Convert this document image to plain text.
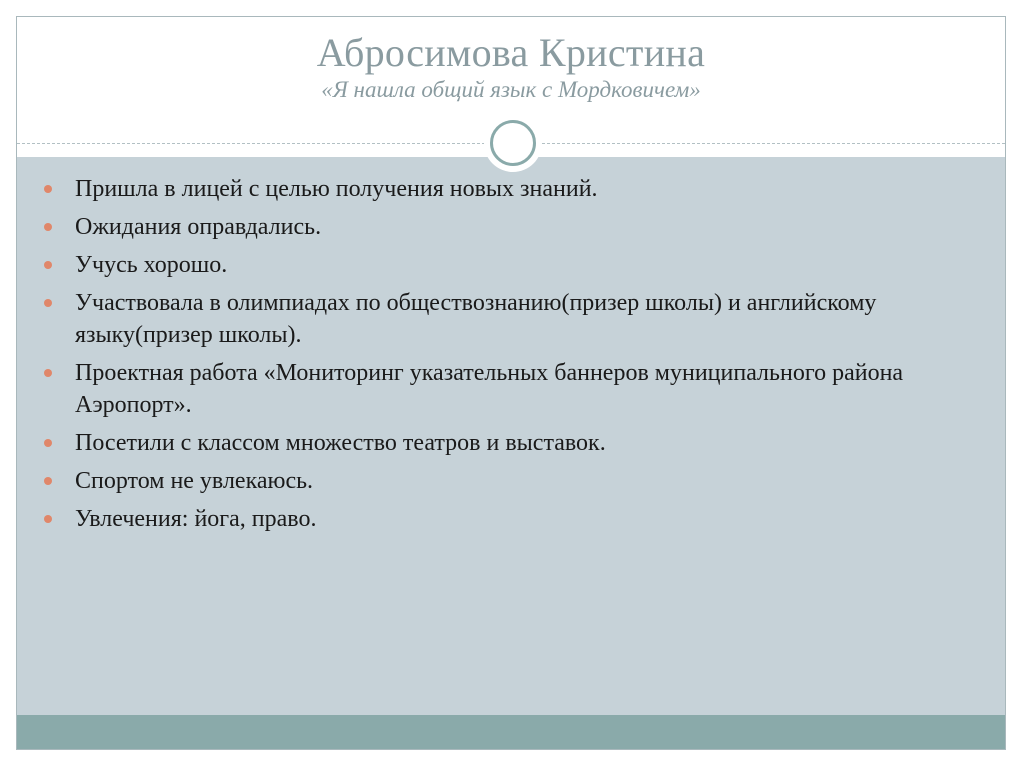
Абросимова Кристина
«Я нашла общий язык с Мордковичем»
Пришла в лицей с целью получения новых знаний.
Ожидания оправдались.
Учусь хорошо.
Участвовала в олимпиадах по обществознанию(призер школы) и английскому языку(призер школы).
Проектная работа «Мониторинг указательных баннеров муниципального района Аэропорт».
Посетили с классом множество театров и выставок.
Спортом не увлекаюсь.
Увлечения: йога, право.
